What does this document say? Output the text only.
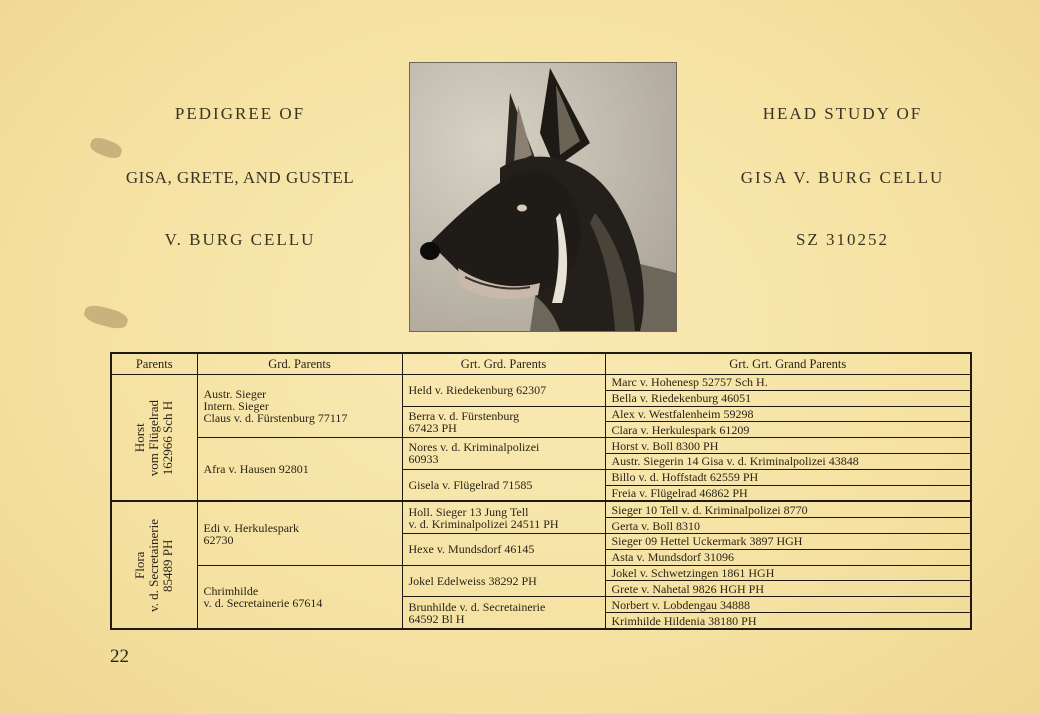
PEDIGREE OF
GISA, GRETE, AND GUSTEL
V. BURG CELLU
HEAD STUDY OF
GISA V. BURG CELLU
SZ 310252
Parents	Grd. Parents	Grt. Grd. Parents	Grt. Grt. Grand Parents

Horst
vom Flügelrad
162966 Sch H	Austr. Sieger
Intern. Sieger
Claus v. d. Fürstenburg 77117	Held v. Riedekenburg 62307	Marc v. Hohenesp 52757 Sch H.
			Bella v. Riedekenburg 46051
		Berra v. d. Fürstenburg
67423 PH	Alex v. Westfalenheim 59298
			Clara v. Herkulespark 61209
	Afra v. Hausen 92801	Nores v. d. Kriminalpolizei
60933	Horst v. Boll 8300 PH
			Austr. Siegerin 14 Gisa v. d. Kriminalpolizei 43848
		Gisela v. Flügelrad 71585	Billo v. d. Hoffstadt 62559 PH
			Freia v. Flügelrad 46862 PH

Flora
v. d. Secretainerie
85489 PH	Edi v. Herkulespark
62730	Holl. Sieger 13 Jung Tell
v. d. Kriminalpolizei 24511 PH	Sieger 10 Tell v. d. Kriminalpolizei 8770
			Gerta v. Boll 8310
		Hexe v. Mundsdorf 46145	Sieger 09 Hettel Uckermark 3897 HGH
			Asta v. Mundsdorf 31096
	Chrimhilde
v. d. Secretainerie 67614	Jokel Edelweiss 38292 PH	Jokel v. Schwetzingen 1861 HGH
			Grete v. Nahetal 9826 HGH PH
		Brunhilde v. d. Secretainerie
64592 Bl H	Norbert v. Lobdengau 34888
			Krimhilde Hildenia 38180 PH
22
